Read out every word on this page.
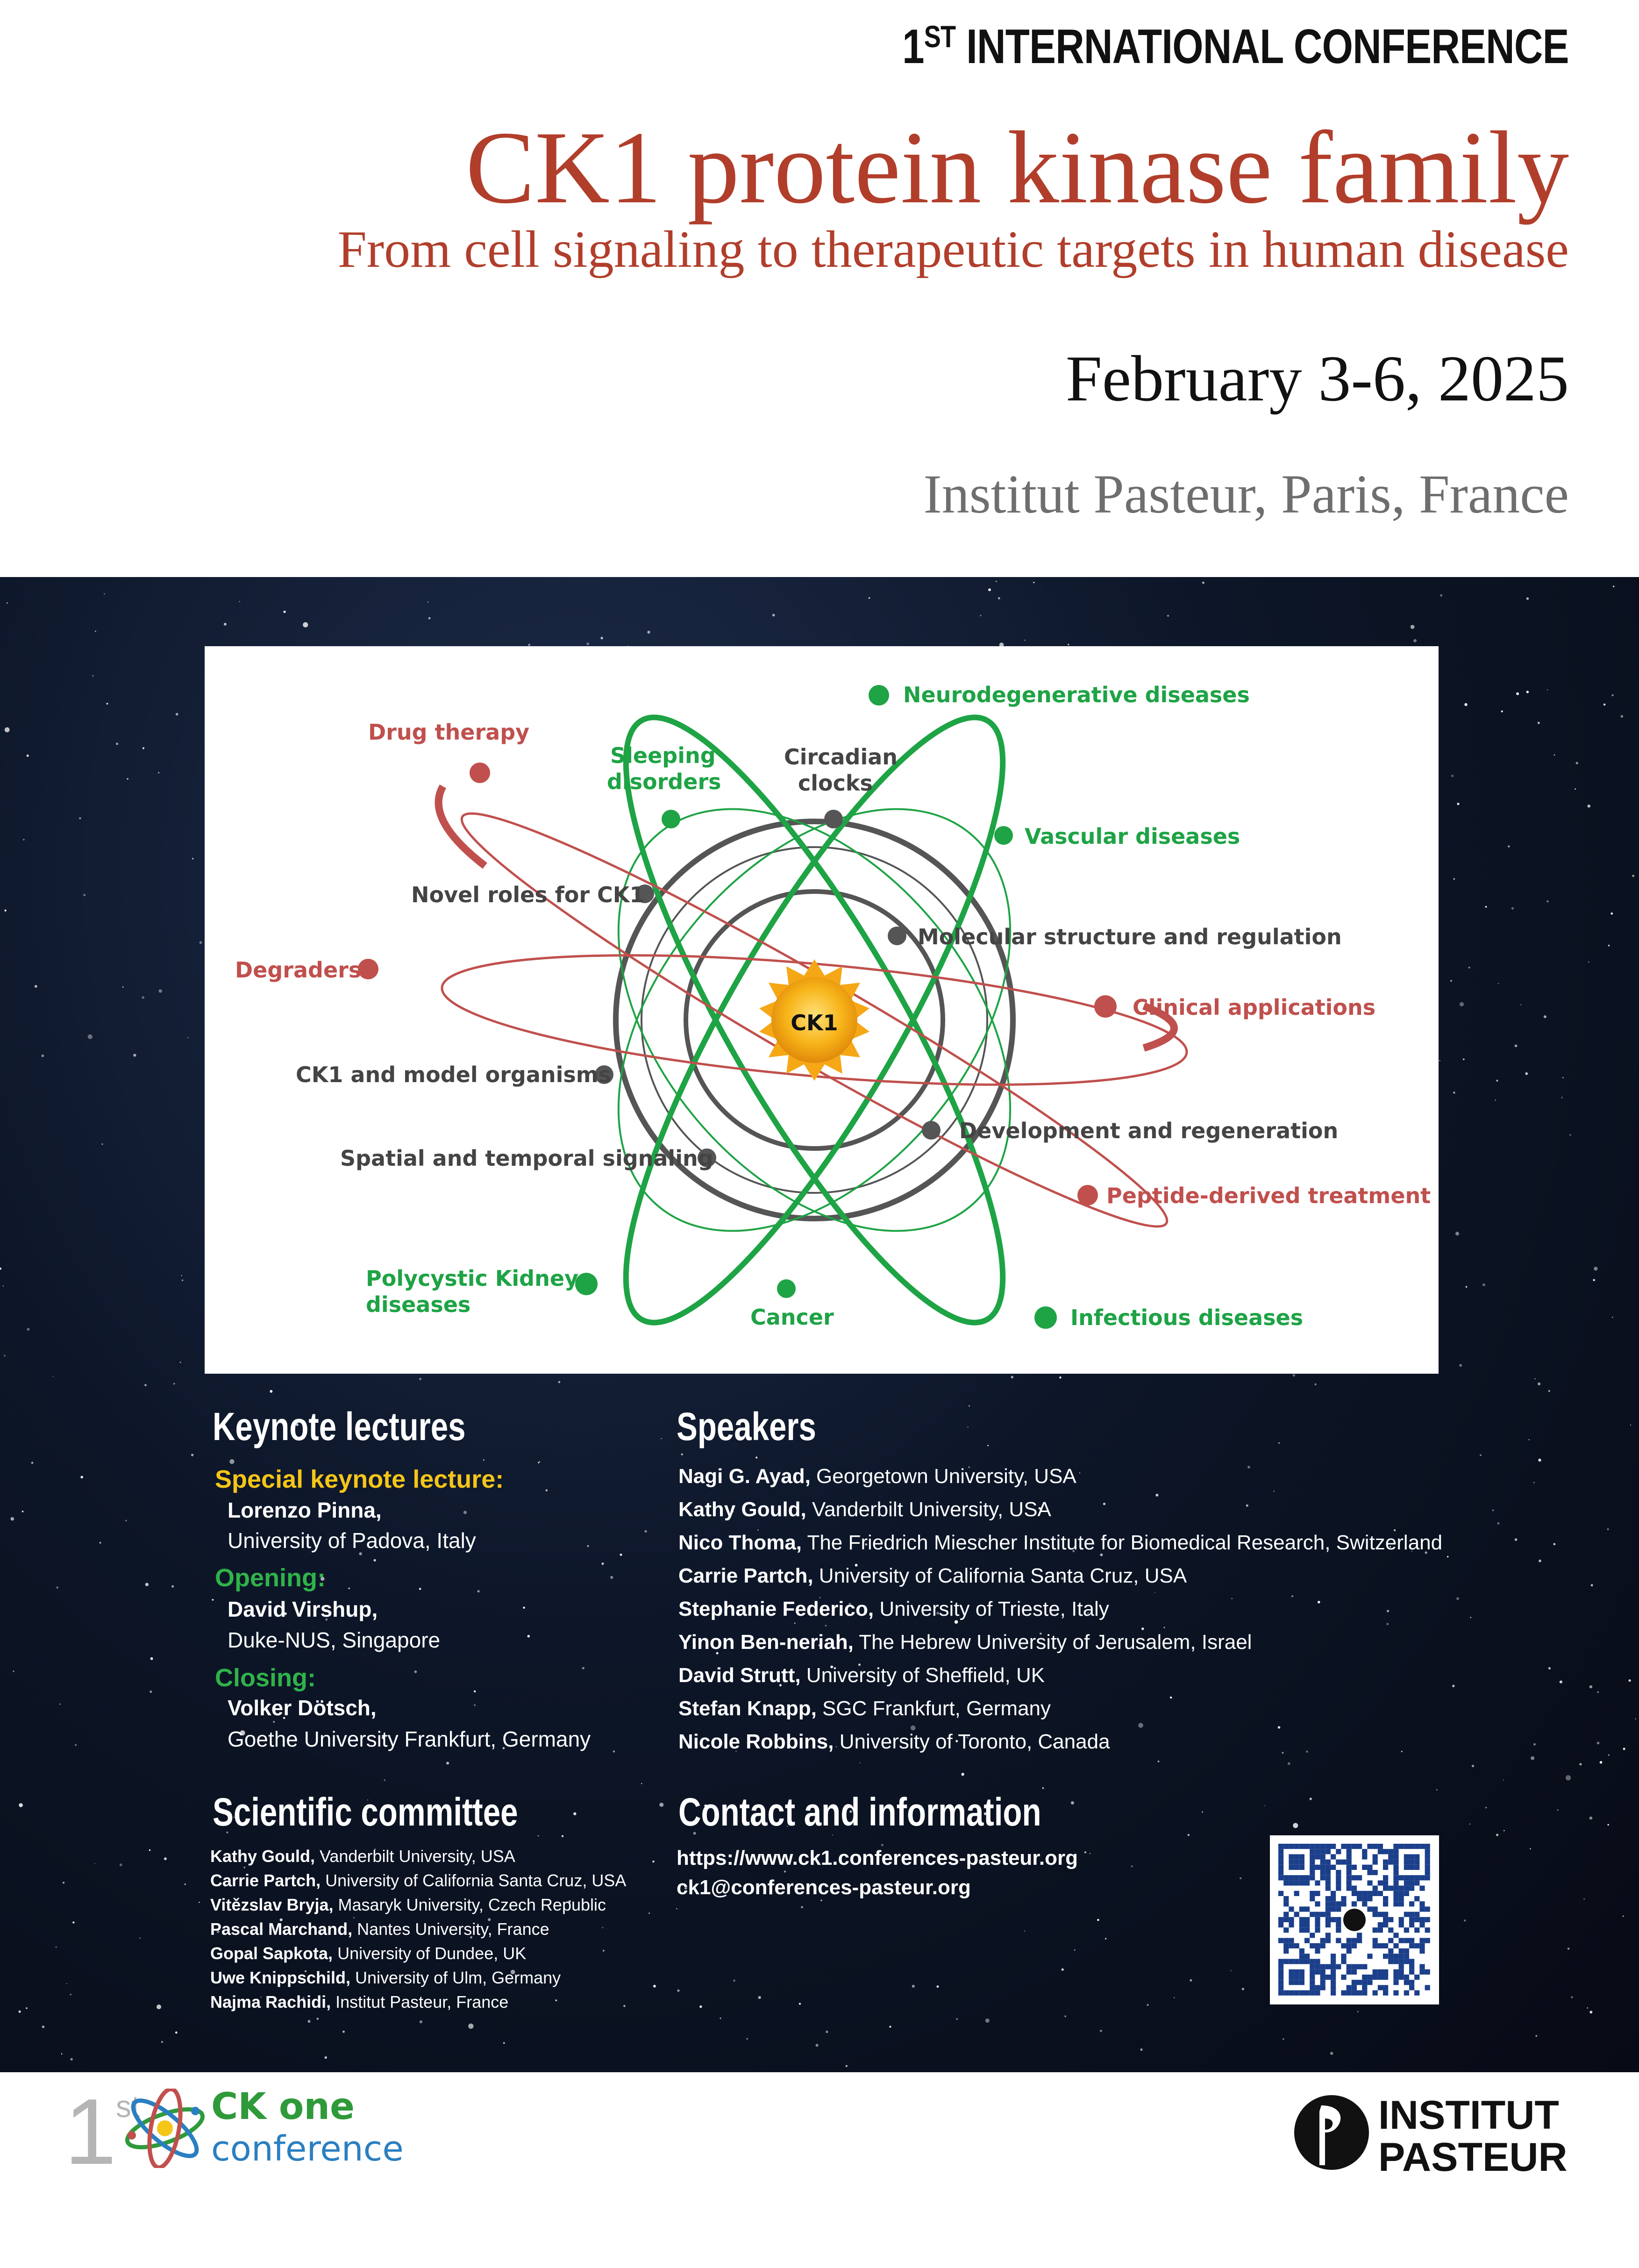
1ST INTERNATIONAL CONFERENCE
CK1 protein kinase family
From cell signaling to therapeutic targets in human disease
February 3-6, 2025
Institut Pasteur, Paris, France
CK1
Neurodegenerative diseases
Drug therapy
Sleeping
disorders
Circadian
clocks
Vascular diseases
Novel roles for CK1
Molecular structure and regulation
Degraders
Clinical applications
CK1 and model organisms
Development and regeneration
Spatial and temporal signaling
Peptide-derived treatment
Polycystic Kidney
diseases	Cancer	Infectious diseases
Keynote lectures
Special keynote lecture:
Lorenzo Pinna,
University of Padova, Italy
Opening:
David Virshup,
Duke-NUS, Singapore
Closing:
Volker Dötsch,
Goethe University Frankfurt, Germany
Speakers
Nagi G. Ayad, Georgetown University, USA
Kathy Gould, Vanderbilt University, USA
Nico Thoma, The Friedrich Miescher Institute for Biomedical Research, Switzerland
Carrie Partch, University of California Santa Cruz, USA
Stephanie Federico, University of Trieste, Italy
Yinon Ben-neriah, The Hebrew University of Jerusalem, Israel
David Strutt, University of Sheffield, UK
Stefan Knapp, SGC Frankfurt, Germany
Nicole Robbins, University of Toronto, Canada
Scientific committee
Kathy Gould, Vanderbilt University, USA
Carrie Partch, University of California Santa Cruz, USA
Vitězslav Bryja, Masaryk University, Czech Republic
Pascal Marchand, Nantes University, France
Gopal Sapkota, University of Dundee, UK
Uwe Knippschild, University of Ulm, Germany
Najma Rachidi, Institut Pasteur, France
Contact and information
https://www.ck1.conferences-pasteur.org
ck1@conferences-pasteur.org
1
st CK one
conference
INSTITUT
PASTEUR
